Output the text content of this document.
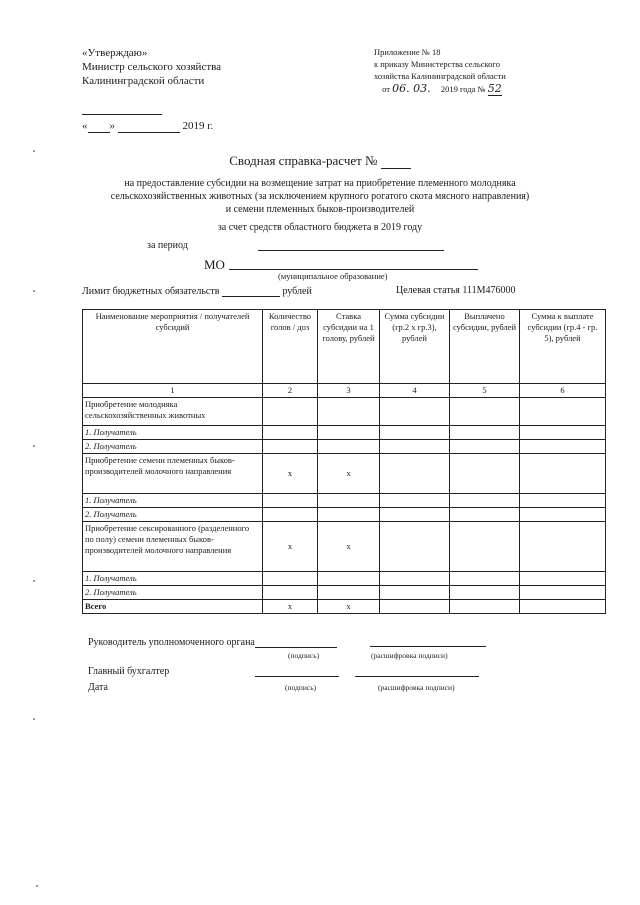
«Утверждаю»
Министр сельского хозяйства
Калининградской области
« »	2019 г.
Приложение № 18
к приказу Министерства сельского
хозяйства Калининградской области
от 06. 03. 2019 года № 52
Сводная справка-расчет №
на предоставление субсидии на возмещение затрат на приобретение племенного молодняка
сельскохозяйственных животных (за исключением крупного рогатого скота мясного направления)
и семени племенных быков-производителей
за счет средств областного бюджета в 2019 году
за период
МО
(муниципальное образование)
Лимит бюджетных обязательств	рублей	Целевая статья 111М476000
Наименование мероприятия / получателей субсидий	Количество голов / доз	Ставка субсидии на 1 голову, рублей	Сумма субсидии (гр.2 х гр.3), рублей	Выплачено субсидии, рублей	Сумма к выплате субсидии (гр.4 - гр. 5), рублей
1	2	3	4	5	6
Приобретение молодняка сельскохозяйственных животных					
1. Получатель					
2. Получатель					
Приобретение семени племенных быков-производителей молочного направления	х	х			
1. Получатель					
2. Получатель					
Приобретение сексированного (разделенного по полу) семени племенных быков-производителей молочного направления	х	х			
1. Получатель					
2. Получатель					
Всего	х	х			
Руководитель уполномоченного органа
(подпись)	(расшифровка подписи)
Главный бухгалтер
Дата	(подпись)	(расшифровка подписи)
